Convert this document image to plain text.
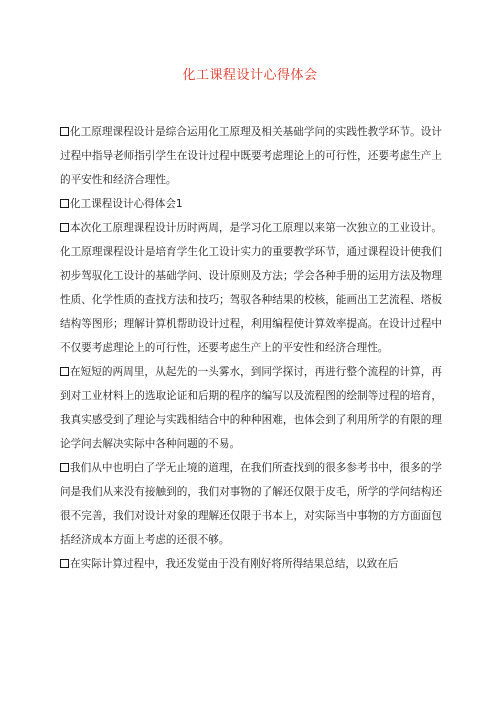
化工课程设计心得体会

化工原理课程设计是综合运用化工原理及相关基础学问的实践性教学环节。设计过程中指导老师指引学生在设计过程中既要考虑理论上的可行性，还要考虑生产上的平安性和经济合理性。

化工课程设计心得体会1

本次化工原理课程设计历时两周，是学习化工原理以来第一次独立的工业设计。化工原理课程设计是培育学生化工设计实力的重要教学环节，通过课程设计使我们初步驾驭化工设计的基础学问、设计原则及方法；学会各种手册的运用方法及物理性质、化学性质的查找方法和技巧；驾驭各种结果的校核，能画出工艺流程、塔板结构等图形；理解计算机帮助设计过程，利用编程使计算效率提高。在设计过程中不仅要考虑理论上的可行性，还要考虑生产上的平安性和经济合理性。

在短短的两周里，从起先的一头雾水，到同学探讨，再进行整个流程的计算，再到对工业材料上的选取论证和后期的程序的编写以及流程图的绘制等过程的培育，我真实感受到了理论与实践相结合中的种种困难，也体会到了利用所学的有限的理论学问去解决实际中各种问题的不易。

我们从中也明白了学无止境的道理，在我们所查找到的很多参考书中，很多的学问是我们从来没有接触到的，我们对事物的了解还仅限于皮毛，所学的学问结构还很不完善，我们对设计对象的理解还仅限于书本上，对实际当中事物的方方面面包括经济成本方面上考虑的还很不够。

在实际计算过程中，我还发觉由于没有刚好将所得结果总结，以致在后
